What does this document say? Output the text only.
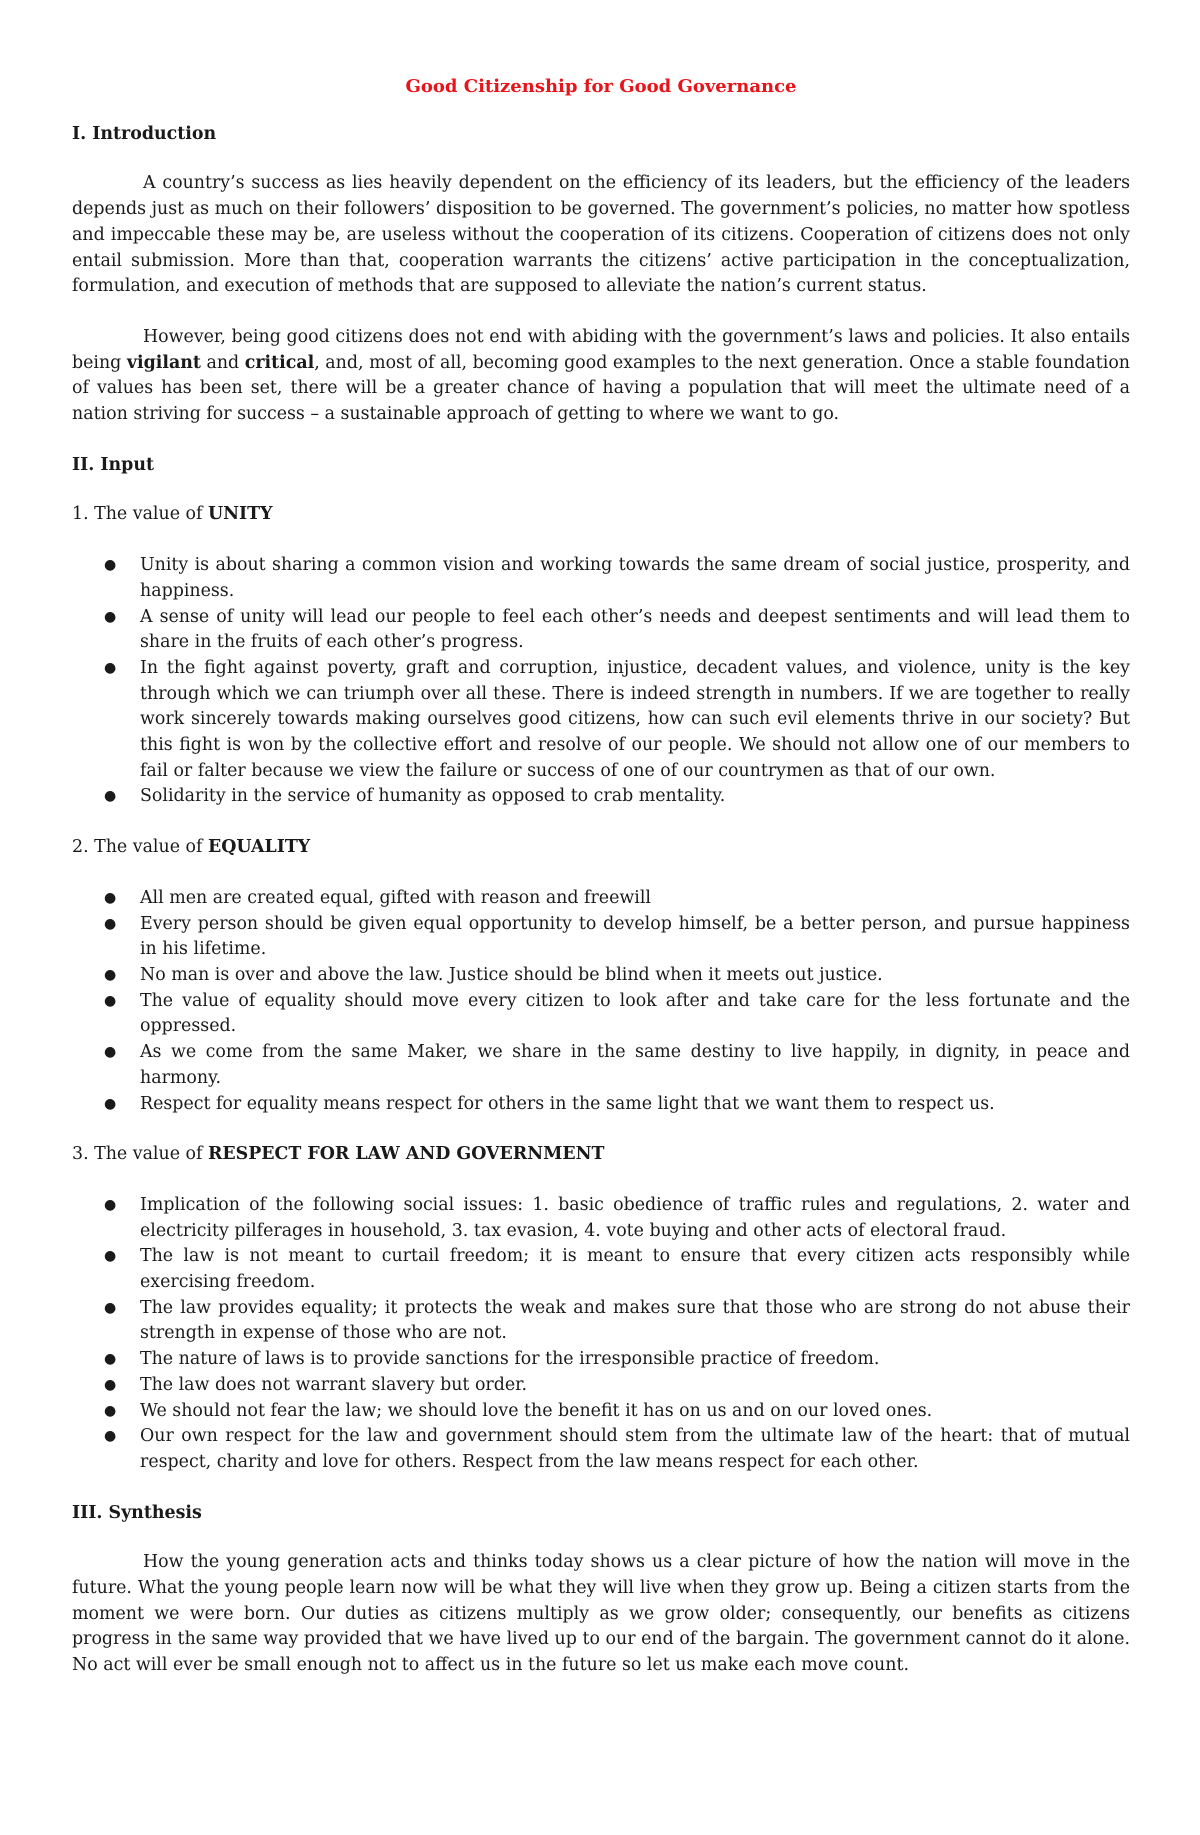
Good Citizenship for Good Governance
I. Introduction
A country’s success as lies heavily dependent on the efficiency of its leaders, but the efficiency of the leaders depends just as much on their followers’ disposition to be governed. The government’s policies, no matter how spotless and impeccable these may be, are useless without the cooperation of its citizens. Cooperation of citizens does not only entail submission. More than that, cooperation warrants the citizens’ active participation in the conceptualization, formulation, and execution of methods that are supposed to alleviate the nation’s current status.
However, being good citizens does not end with abiding with the government’s laws and policies. It also entails being vigilant and critical, and, most of all, becoming good examples to the next generation. Once a stable foundation of values has been set, there will be a greater chance of having a population that will meet the ultimate need of a nation striving for success – a sustainable approach of getting to where we want to go.
II. Input
1. The value of UNITY
● Unity is about sharing a common vision and working towards the same dream of social justice, prosperity, and happiness.
● A sense of unity will lead our people to feel each other’s needs and deepest sentiments and will lead them to share in the fruits of each other’s progress.
● In the fight against poverty, graft and corruption, injustice, decadent values, and violence, unity is the key through which we can triumph over all these. There is indeed strength in numbers. If we are together to really work sincerely towards making ourselves good citizens, how can such evil elements thrive in our society? But this fight is won by the collective effort and resolve of our people. We should not allow one of our members to fail or falter because we view the failure or success of one of our countrymen as that of our own.
● Solidarity in the service of humanity as opposed to crab mentality.
2. The value of EQUALITY
● All men are created equal, gifted with reason and freewill
● Every person should be given equal opportunity to develop himself, be a better person, and pursue happiness in his lifetime.
● No man is over and above the law. Justice should be blind when it meets out justice.
● The value of equality should move every citizen to look after and take care for the less fortunate and the oppressed.
● As we come from the same Maker, we share in the same destiny to live happily, in dignity, in peace and harmony.
● Respect for equality means respect for others in the same light that we want them to respect us.
3. The value of RESPECT FOR LAW AND GOVERNMENT
● Implication of the following social issues: 1. basic obedience of traffic rules and regulations, 2. water and electricity pilferages in household, 3. tax evasion, 4. vote buying and other acts of electoral fraud.
● The law is not meant to curtail freedom; it is meant to ensure that every citizen acts responsibly while exercising freedom.
● The law provides equality; it protects the weak and makes sure that those who are strong do not abuse their strength in expense of those who are not.
● The nature of laws is to provide sanctions for the irresponsible practice of freedom.
● The law does not warrant slavery but order.
● We should not fear the law; we should love the benefit it has on us and on our loved ones.
● Our own respect for the law and government should stem from the ultimate law of the heart: that of mutual respect, charity and love for others. Respect from the law means respect for each other.
III. Synthesis
How the young generation acts and thinks today shows us a clear picture of how the nation will move in the future. What the young people learn now will be what they will live when they grow up. Being a citizen starts from the moment we were born. Our duties as citizens multiply as we grow older; consequently, our benefits as citizens progress in the same way provided that we have lived up to our end of the bargain. The government cannot do it alone. No act will ever be small enough not to affect us in the future so let us make each move count.
